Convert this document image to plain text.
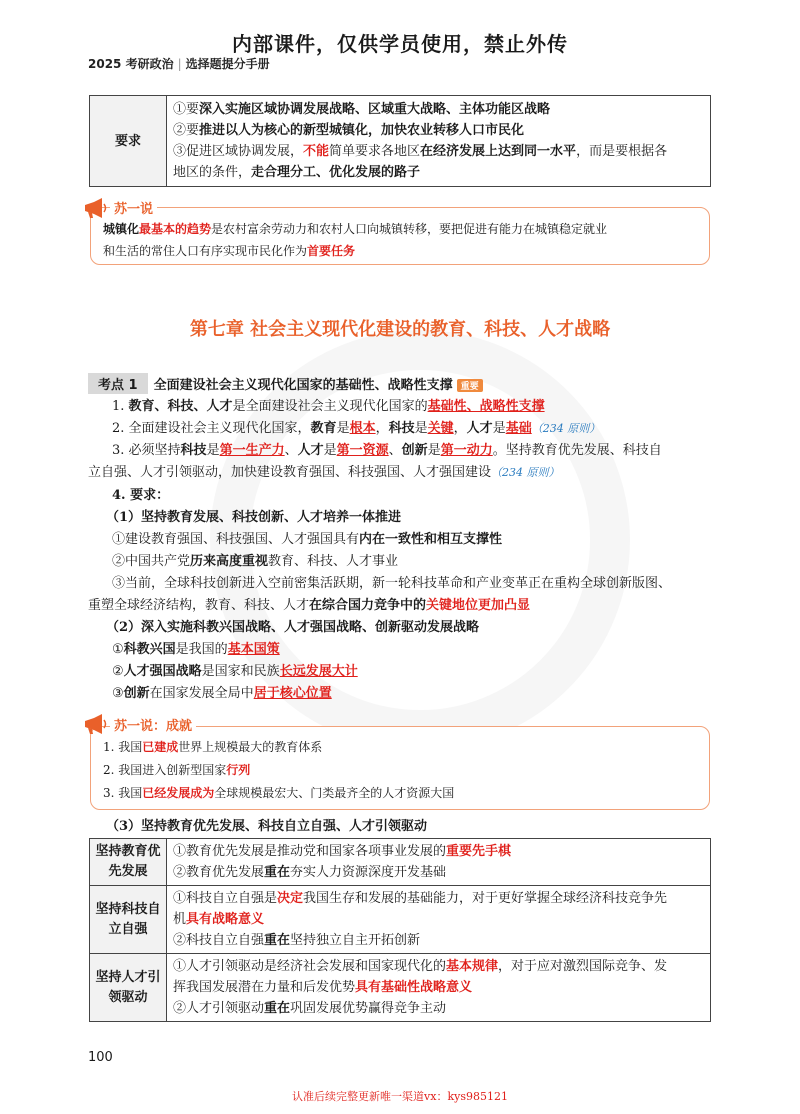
内部课件，仅供学员使用，禁止外传
2025 考研政治 | 选择题提分手册
要求	
①要深入实施区域协调发展战略、区域重大战略、主体功能区战略
②要推进以人为核心的新型城镇化，加快农业转移人口市民化
③促进区域协调发展，不能简单要求各地区在经济发展上达到同一水平，而是要根据各
地区的条件，走合理分工、优化发展的路子
城镇化最基本的趋势是农村富余劳动力和农村人口向城镇转移，要把促进有能力在城镇稳定就业
和生活的常住人口有序实现市民化作为首要任务
苏一说
第七章 社会主义现代化建设的教育、科技、人才战略
考点 1 全面建设社会主义现代化国家的基础性、战略性支撑 重要
1. 教育、科技、人才是全面建设社会主义现代化国家的基础性、战略性支撑
2. 全面建设社会主义现代化国家，教育是根本，科技是关键，人才是基础（234 原则）
3. 必须坚持科技是第一生产力、人才是第一资源、创新是第一动力。坚持教育优先发展、科技自
立自强、人才引领驱动，加快建设教育强国、科技强国、人才强国建设（234 原则）
4. 要求：
（1）坚持教育发展、科技创新、人才培养一体推进
①建设教育强国、科技强国、人才强国具有内在一致性和相互支撑性
②中国共产党历来高度重视教育、科技、人才事业
③当前，全球科技创新进入空前密集活跃期，新一轮科技革命和产业变革正在重构全球创新版图、
重塑全球经济结构，教育、科技、人才在综合国力竞争中的关键地位更加凸显
（2）深入实施科教兴国战略、人才强国战略、创新驱动发展战略
①科教兴国是我国的基本国策
②人才强国战略是国家和民族长远发展大计
③创新在国家发展全局中居于核心位置
1. 我国已建成世界上规模最大的教育体系
2. 我国进入创新型国家行列
3. 我国已经发展成为全球规模最宏大、门类最齐全的人才资源大国
苏一说：成就
（3）坚持教育优先发展、科技自立自强、人才引领驱动
坚持教育优先发展	①教育优先发展是推动党和国家各项事业发展的重要先手棋
②教育优先发展重在夯实人力资源深度开发基础

坚持科技自立自强	①科技自立自强是决定我国生存和发展的基础能力，对于更好掌握全球经济科技竞争先
机具有战略意义
②科技自立自强重在坚持独立自主开拓创新

坚持人才引领驱动	①人才引领驱动是经济社会发展和国家现代化的基本规律，对于应对激烈国际竞争、发
挥我国发展潜在力量和后发优势具有基础性战略意义
②人才引领驱动重在巩固发展优势赢得竞争主动
100
认准后续完整更新唯一渠道vx：kys985121
